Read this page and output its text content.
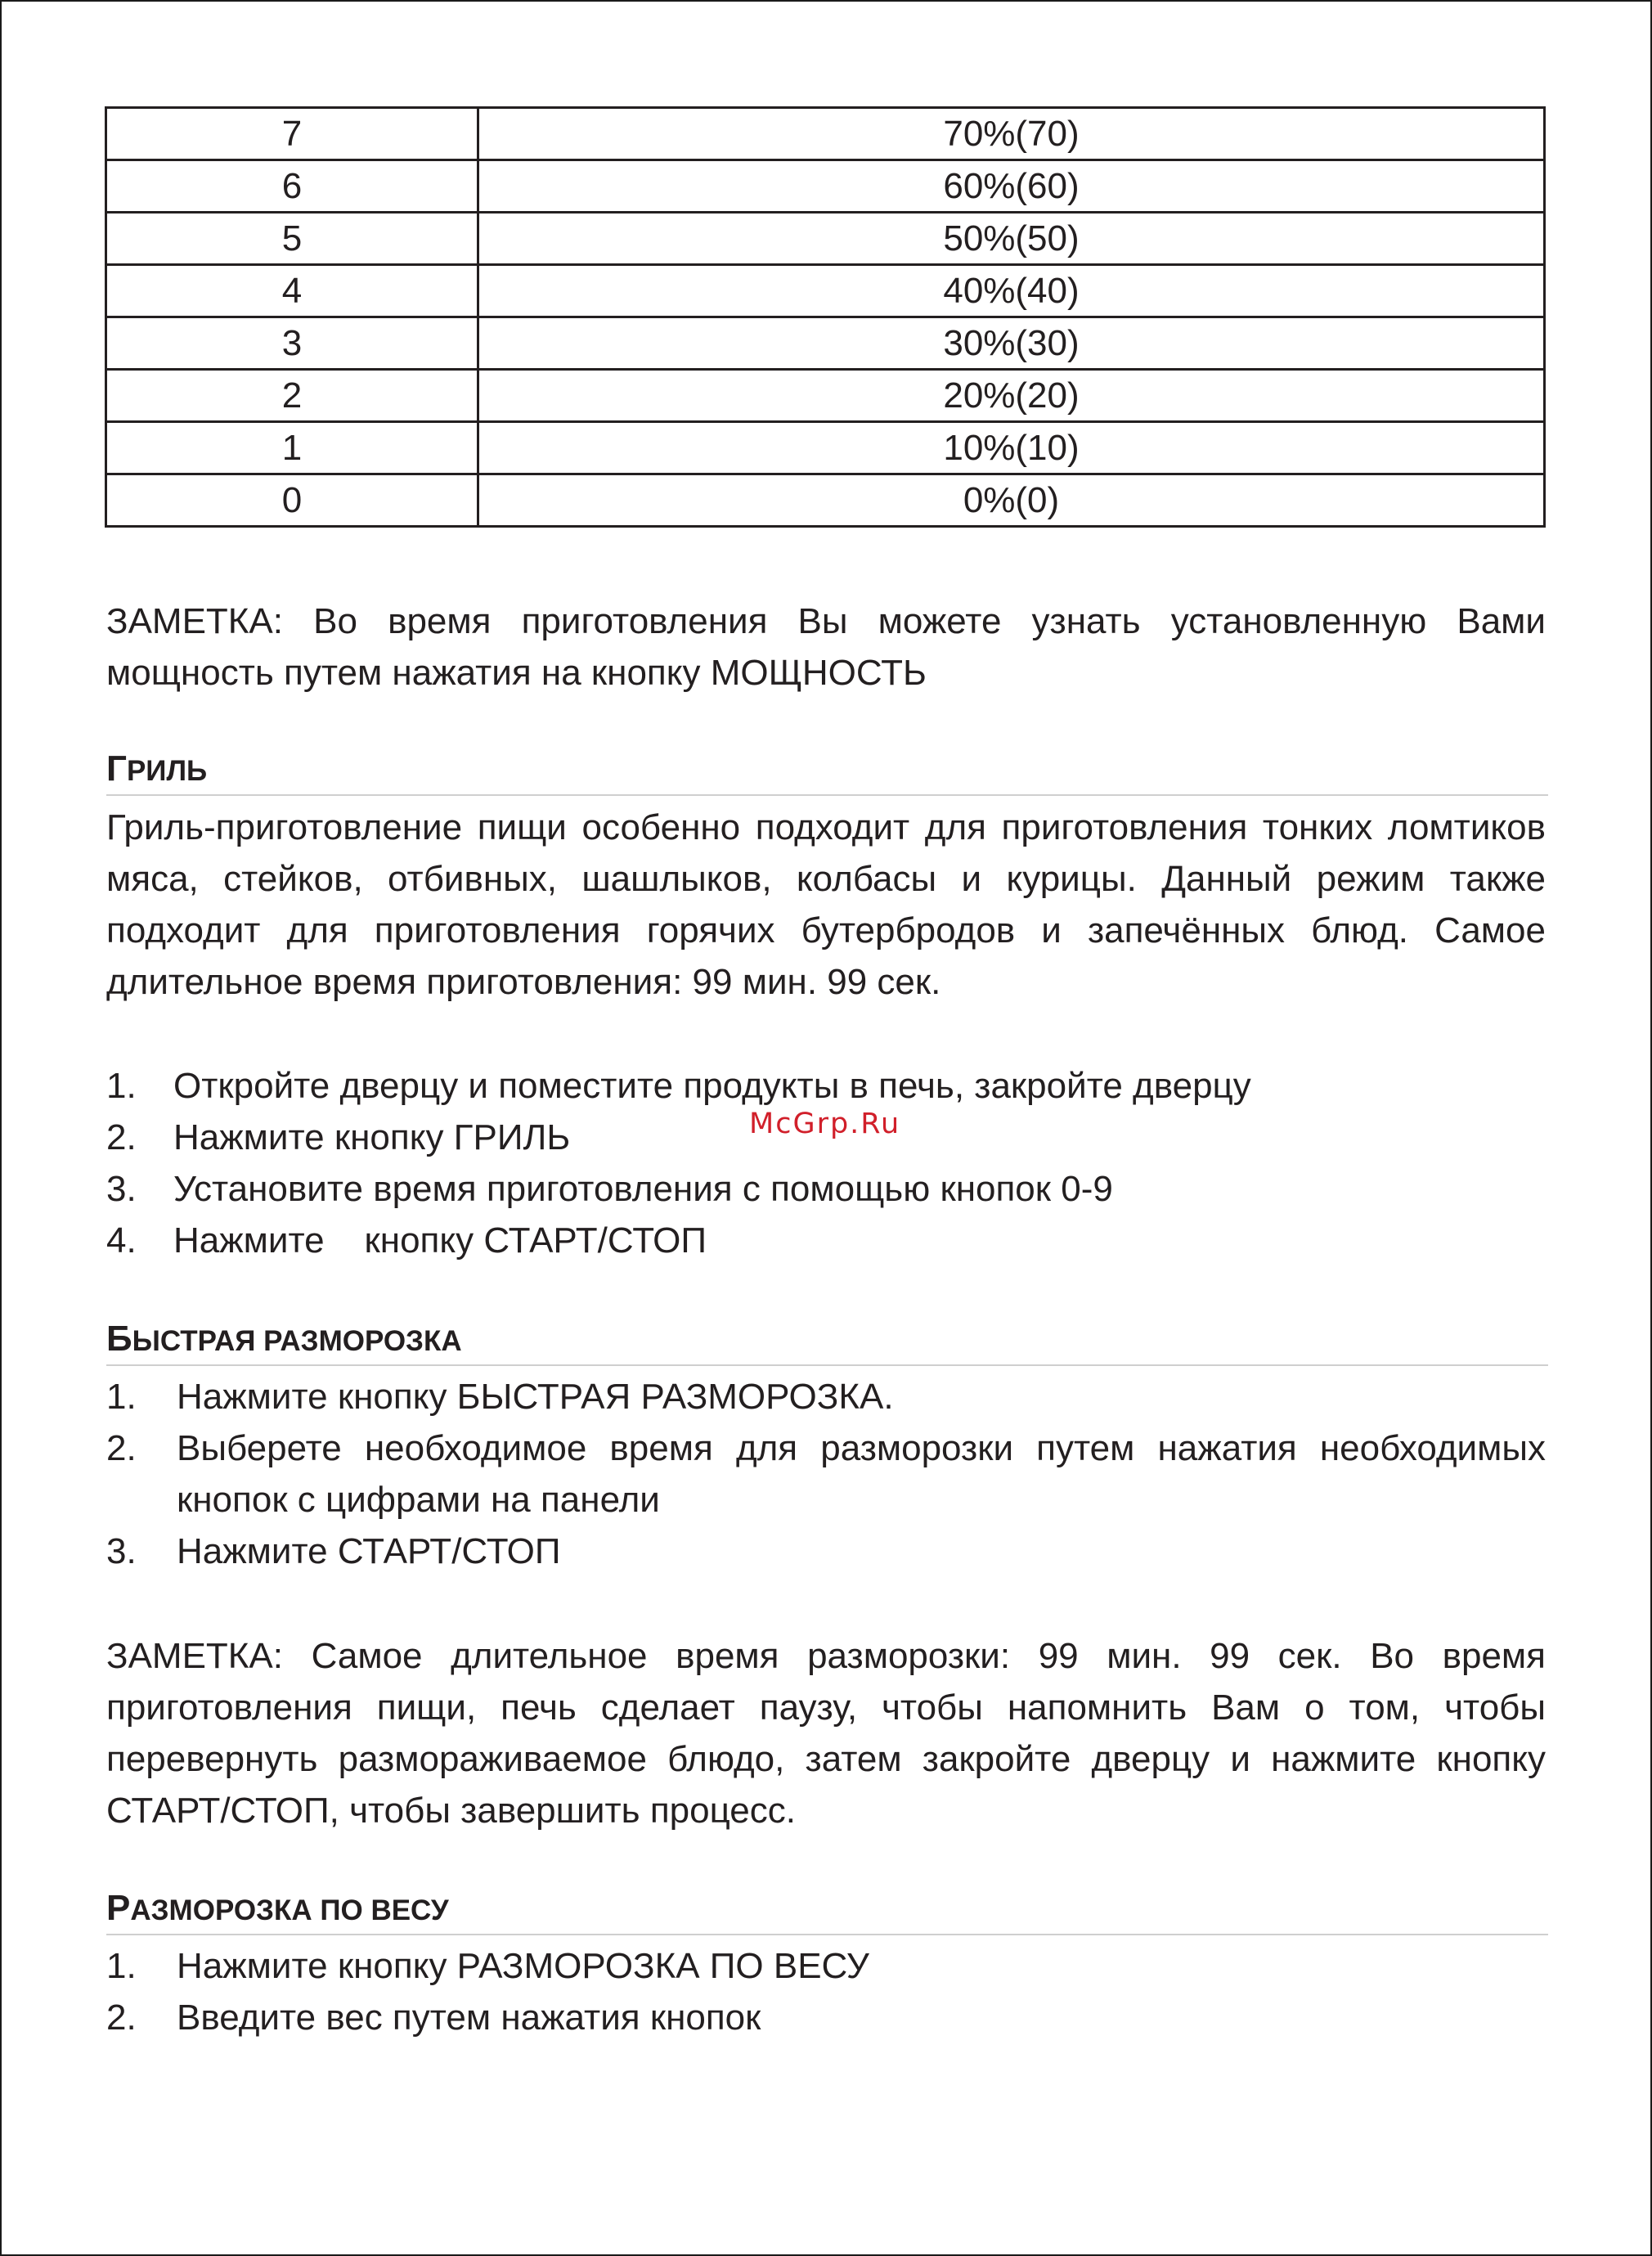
7	70%(70)
6	60%(60)
5	50%(50)
4	40%(40)
3	30%(30)
2	20%(20)
1	10%(10)
0	0%(0)
ЗАМЕТКА: Во время приготовления Вы можете узнать установленную Вами мощность путем нажатия на кнопку МОЩНОСТЬ
ГРИЛЬ
Гриль-приготовление пищи особенно подходит для приготовления тонких ломтиков мяса, стейков, отбивных, шашлыков, колбасы и курицы. Данный режим также подходит для приготовления горячих бутербродов и запечённых блюд. Самое длительное время приготовления: 99 мин. 99 сек.
1. Откройте дверцу и поместите продукты в печь, закройте дверцу
2. Нажмите кнопку ГРИЛЬ
3. Установите время приготовления с помощью кнопок 0-9
4. Нажмите    кнопку СТАРТ/СТОП
McGrp.Ru
БЫСТРАЯ РАЗМОРОЗКА
1. Нажмите кнопку БЫСТРАЯ РАЗМОРОЗКА.
2. Выберете необходимое время для разморозки путем нажатия необходимых кнопок с цифрами на панели
3. Нажмите СТАРТ/СТОП
ЗАМЕТКА: Самое длительное время разморозки: 99 мин. 99 сек. Во время приготовления пищи, печь сделает паузу, чтобы напомнить Вам о том, чтобы перевернуть размораживаемое блюдо, затем закройте дверцу и нажмите кнопку СТАРТ/СТОП, чтобы завершить процесс.
РАЗМОРОЗКА ПО ВЕСУ
1. Нажмите кнопку РАЗМОРОЗКА ПО ВЕСУ
2. Введите вес путем нажатия кнопок
